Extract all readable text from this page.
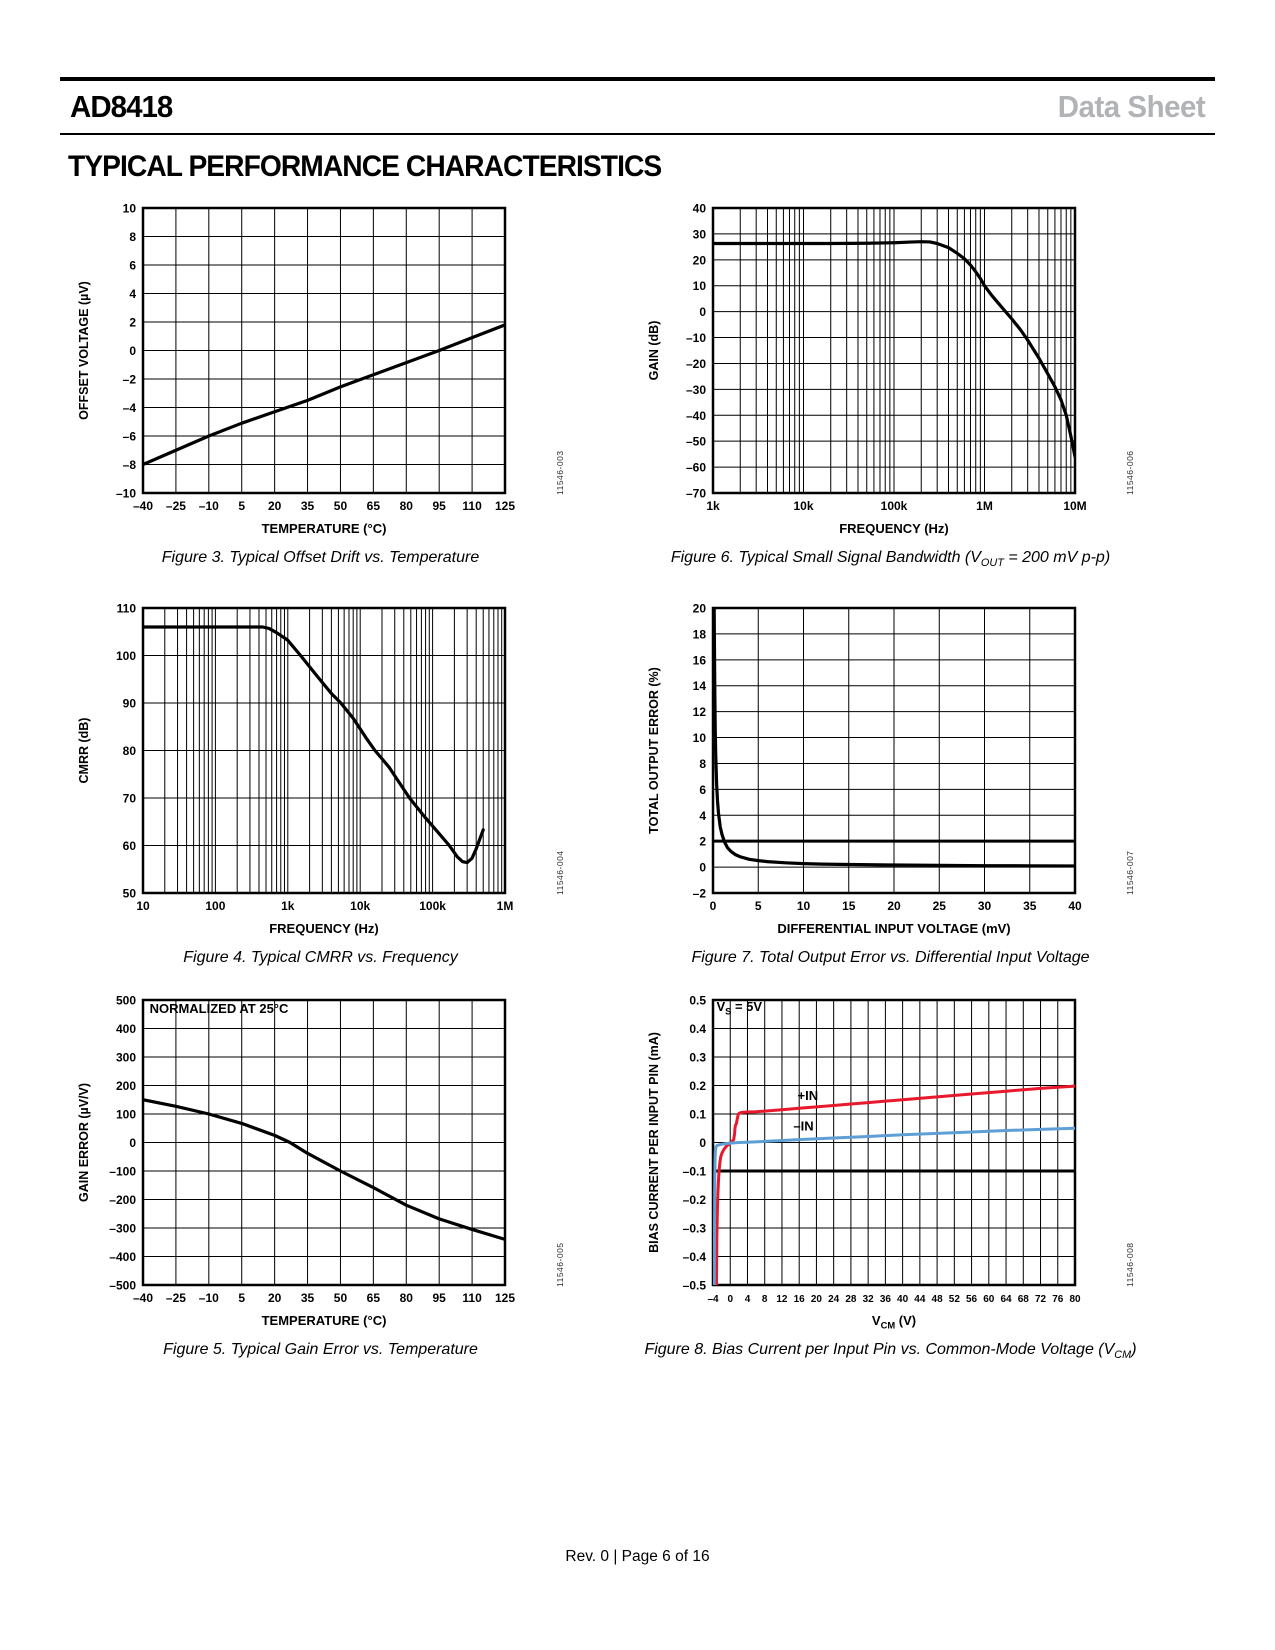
AD8418	Data Sheet
TYPICAL PERFORMANCE CHARACTERISTICS
–40 –25 –10 5 20 35 50 65 80 95 110 125
10
8
6
4
2
0
–2
–4
–6
–8
–10
TEMPERATURE (°C)
OFFSET VOLTAGE (µV)
11546-003

Figure 3. Typical Offset Drift vs. Temperature

1k	10k	100k	1M	10M
40
30
20
10
0
–10
–20
–30
–40
–50
–60
–70
FREQUENCY (Hz)
GAIN (dB)
11546-006

Figure 6. Typical Small Signal Bandwidth ($V_{OUT} = 200$ mV p-p)

10	100	1k	10k	100k	1M
110
100
90
80
70
60
50
FREQUENCY (Hz)
CMRR (dB)
11546-004

Figure 4. Typical CMRR vs. Frequency

0	5	10	15	20	25	30	35	40
20
18
16
14
12
10
8
6
4
2
0
–2
DIFFERENTIAL INPUT VOLTAGE (mV)
TOTAL OUTPUT ERROR (%)
11546-007

Figure 7. Total Output Error vs. Differential Input Voltage

–40 –25 –10 5 20 35 50 65 80 95 110 125
500
400
300
200
100
0
–100
–200
–300
–400
–500
TEMPERATURE (°C)
GAIN ERROR (µV/V)
NORMALIZED AT 25°C
11546-005

Figure 5. Typical Gain Error vs. Temperature

–4 0 4 8 12 16 20 24 28 32 36 40 44 48 52 56 60 64 68 72 76 80
0.5
0.4
0.3
0.2
0.1
0
–0.1
–0.2
–0.3
–0.4
–0.5
$V_{CM}$ (V)
BIAS CURRENT PER INPUT PIN (mA)
$V_S = 5V$
+IN
–IN
11546-008

Figure 8. Bias Current per Input Pin vs. Common-Mode Voltage $(V_{CM})$

Rev. 0 | Page 6 of 16
